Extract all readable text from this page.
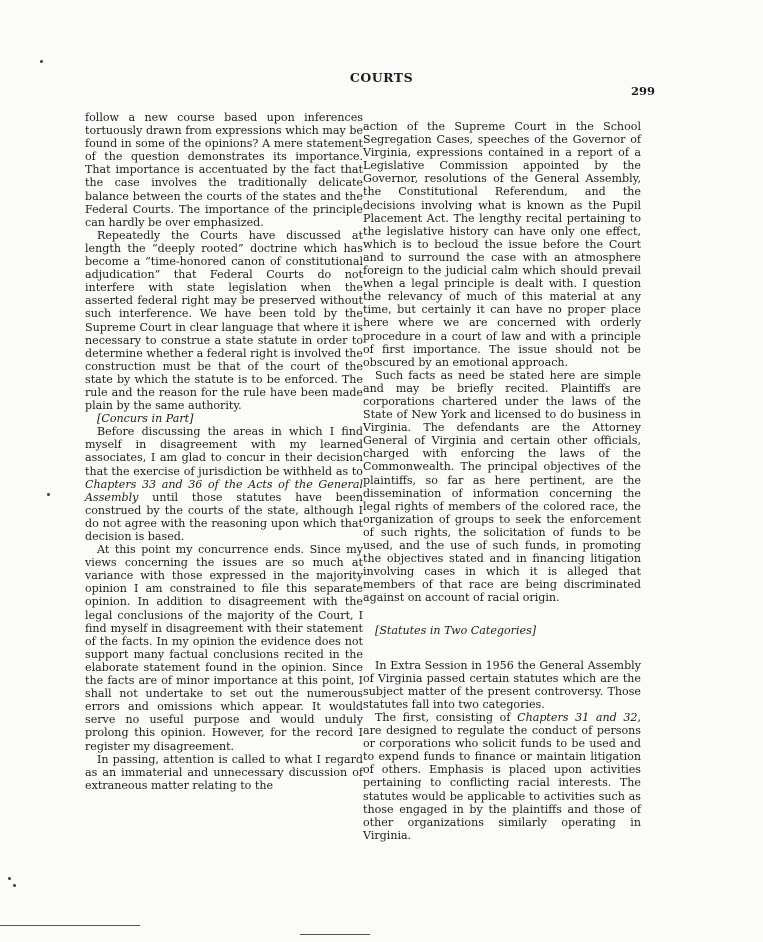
COURTS
299

follow a new course based upon inferences tortuously drawn from expressions which may be found in some of the opinions? A mere statement of the question demonstrates its importance. That importance is accentuated by the fact that the case involves the traditionally delicate balance between the courts of the states and the Federal Courts. The importance of the principle can hardly be over emphasized.

Repeatedly the Courts have discussed at length the “deeply rooted” doctrine which has become a “time-honored canon of constitutional adjudication” that Federal Courts do not interfere with state legislation when the asserted federal right may be preserved without such interference. We have been told by the Supreme Court in clear language that where it is necessary to construe a state statute in order to determine whether a federal right is involved the construction must be that of the court of the state by which the statute is to be enforced. The rule and the reason for the rule have been made plain by the same authority.

[Concurs in Part]

Before discussing the areas in which I find myself in disagreement with my learned associates, I am glad to concur in their decision that the exercise of jurisdiction be withheld as to Chapters 33 and 36 of the Acts of the General Assembly until those statutes have been construed by the courts of the state, although I do not agree with the reasoning upon which that decision is based.

At this point my concurrence ends. Since my views concerning the issues are so much at variance with those expressed in the majority opinion I am constrained to file this separate opinion. In addition to disagreement with the legal conclusions of the majority of the Court, I find myself in disagreement with their statement of the facts. In my opinion the evidence does not support many factual conclusions recited in the elaborate statement found in the opinion. Since the facts are of minor importance at this point, I shall not undertake to set out the numerous errors and omissions which appear. It would serve no useful purpose and would unduly prolong this opinion. However, for the record I register my disagreement.

In passing, attention is called to what I regard as an immaterial and unnecessary discussion of extraneous matter relating to the

action of the Supreme Court in the School Segregation Cases, speeches of the Governor of Virginia, expressions contained in a report of a Legislative Commission appointed by the Governor, resolutions of the General Assembly, the Constitutional Referendum, and the decisions involving what is known as the Pupil Placement Act. The lengthy recital pertaining to the legislative history can have only one effect, which is to becloud the issue before the Court and to surround the case with an atmosphere foreign to the judicial calm which should prevail when a legal principle is dealt with. I question the relevancy of much of this material at any time, but certainly it can have no proper place here where we are concerned with orderly procedure in a court of law and with a principle of first importance. The issue should not be obscured by an emotional approach.

Such facts as need be stated here are simple and may be briefly recited. Plaintiffs are corporations chartered under the laws of the State of New York and licensed to do business in Virginia. The defendants are the Attorney General of Virginia and certain other officials, charged with enforcing the laws of the Commonwealth. The principal objectives of the plaintiffs, so far as here pertinent, are the dissemination of information concerning the legal rights of members of the colored race, the organization of groups to seek the enforcement of such rights, the solicitation of funds to be used, and the use of such funds, in promoting the objectives stated and in financing litigation involving cases in which it is alleged that members of that race are being discriminated against on account of racial origin.

[Statutes in Two Categories]

In Extra Session in 1956 the General Assembly of Virginia passed certain statutes which are the subject matter of the present controversy. Those statutes fall into two categories.

The first, consisting of Chapters 31 and 32, are designed to regulate the conduct of persons or corporations who solicit funds to be used and to expend funds to finance or maintain litigation of others. Emphasis is placed upon activities pertaining to conflicting racial interests. The statutes would be applicable to activities such as those engaged in by the plaintiffs and those of other organizations similarly operating in Virginia.
